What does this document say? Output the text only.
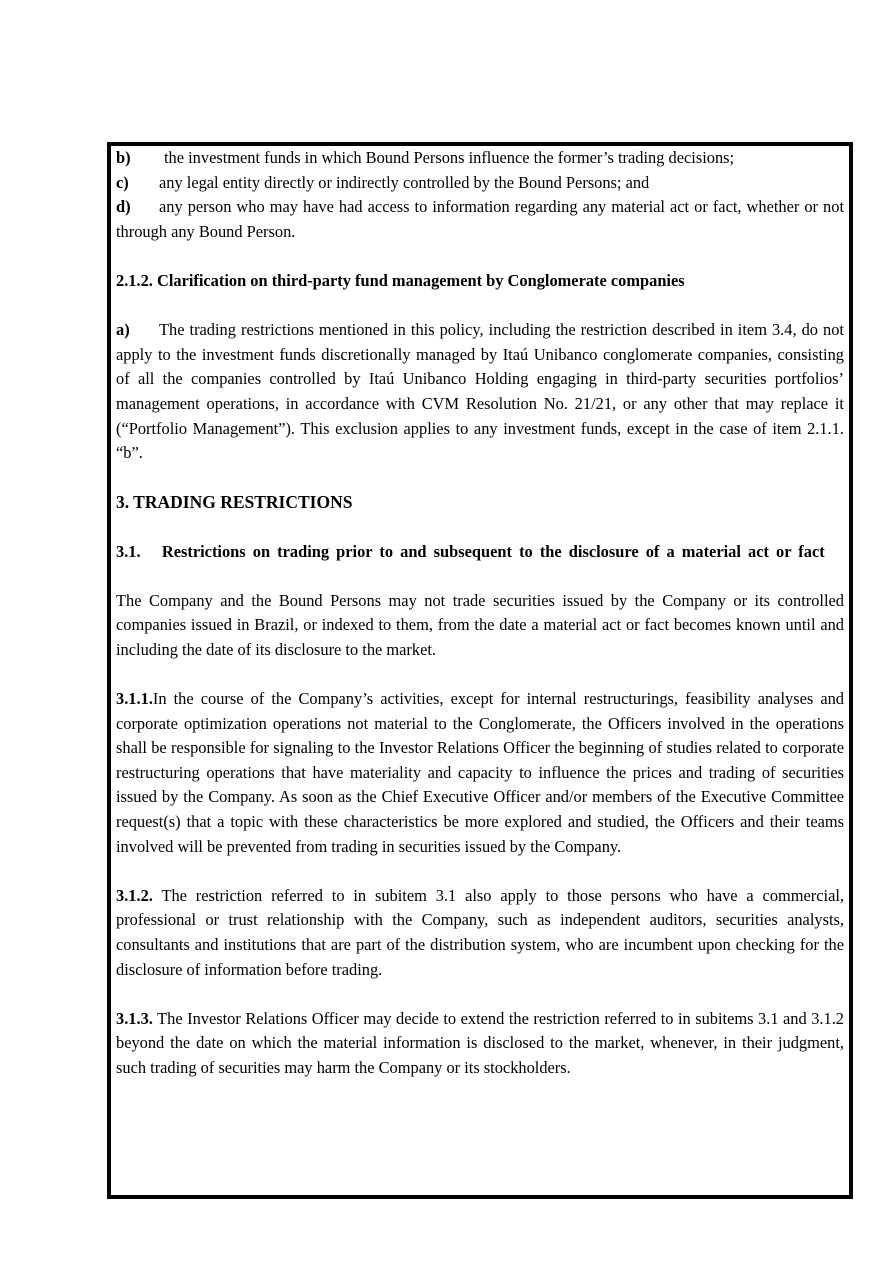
b) the investment funds in which Bound Persons influence the former’s trading decisions;

c) any legal entity directly or indirectly controlled by the Bound Persons; and

d) any person who may have had access to information regarding any material act or fact, whether or not through any Bound Person.

2.1.2. Clarification on third-party fund management by Conglomerate companies

a) The trading restrictions mentioned in this policy, including the restriction described in item 3.4, do not apply to the investment funds discretionally managed by Itaú Unibanco conglomerate companies, consisting of all the companies controlled by Itaú Unibanco Holding engaging in third-party securities portfolios’ management operations, in accordance with CVM Resolution No. 21/21, or any other that may replace it (“Portfolio Management”). This exclusion applies to any investment funds, except in the case of item 2.1.1. “b”.

3. TRADING RESTRICTIONS

3.1. Restrictions on trading prior to and subsequent to the disclosure of a material act or fact

The Company and the Bound Persons may not trade securities issued by the Company or its controlled companies issued in Brazil, or indexed to them, from the date a material act or fact becomes known until and including the date of its disclosure to the market.

3.1.1.In the course of the Company’s activities, except for internal restructurings, feasibility analyses and corporate optimization operations not material to the Conglomerate, the Officers involved in the operations shall be responsible for signaling to the Investor Relations Officer the beginning of studies related to corporate restructuring operations that have materiality and capacity to influence the prices and trading of securities issued by the Company. As soon as the Chief Executive Officer and/or members of the Executive Committee request(s) that a topic with these characteristics be more explored and studied, the Officers and their teams involved will be prevented from trading in securities issued by the Company.

3.1.2. The restriction referred to in subitem 3.1 also apply to those persons who have a commercial, professional or trust relationship with the Company, such as independent auditors, securities analysts, consultants and institutions that are part of the distribution system, who are incumbent upon checking for the disclosure of information before trading.

3.1.3. The Investor Relations Officer may decide to extend the restriction referred to in subitems 3.1 and 3.1.2 beyond the date on which the material information is disclosed to the market, whenever, in their judgment, such trading of securities may harm the Company or its stockholders.
